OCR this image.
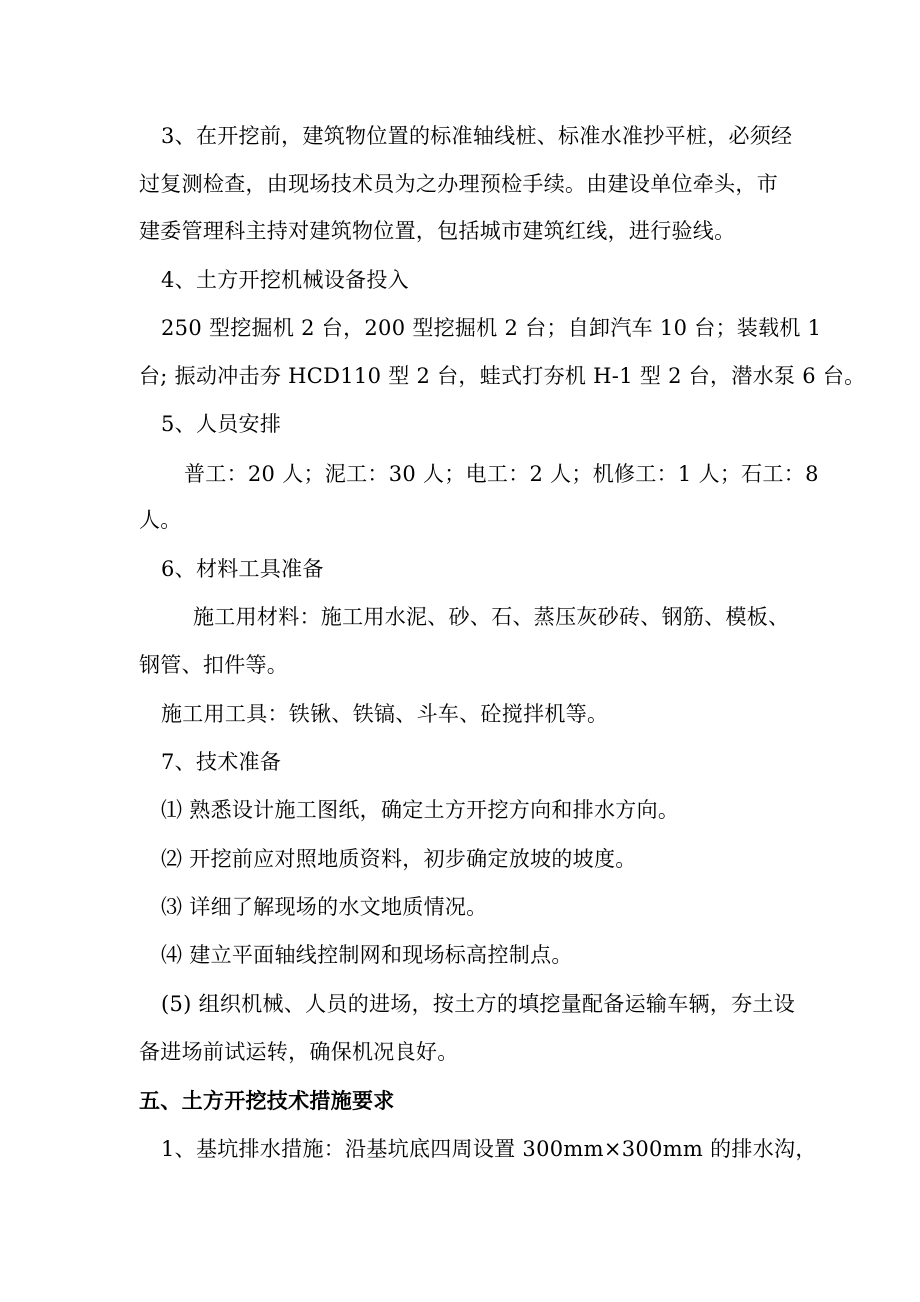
3、在开挖前，建筑物位置的标准轴线桩、标准水准抄平桩，必须经
过复测检查，由现场技术员为之办理预检手续。由建设单位牵头，市
建委管理科主持对建筑物位置，包括城市建筑红线，进行验线。
4、土方开挖机械设备投入
250 型挖掘机 2 台，200 型挖掘机 2 台；自卸汽车 10 台；装载机 1
台; 振动冲击夯 HCD110 型 2 台，蛙式打夯机 H-1 型 2 台，潜水泵 6 台。
5、人员安排
普工：20 人；泥工：30 人；电工：2 人；机修工：1 人；石工：8
人。
6、材料工具准备
施工用材料：施工用水泥、砂、石、蒸压灰砂砖、钢筋、模板、
钢管、扣件等。
施工用工具：铁锹、铁镐、斗车、砼搅拌机等。
7、技术准备
⑴ 熟悉设计施工图纸，确定土方开挖方向和排水方向。
⑵ 开挖前应对照地质资料，初步确定放坡的坡度。
⑶ 详细了解现场的水文地质情况。
⑷ 建立平面轴线控制网和现场标高控制点。
(5) 组织机械、人员的进场，按土方的填挖量配备运输车辆，夯土设
备进场前试运转，确保机况良好。
五、土方开挖技术措施要求
1、基坑排水措施：沿基坑底四周设置 300mm×300mm 的排水沟，
